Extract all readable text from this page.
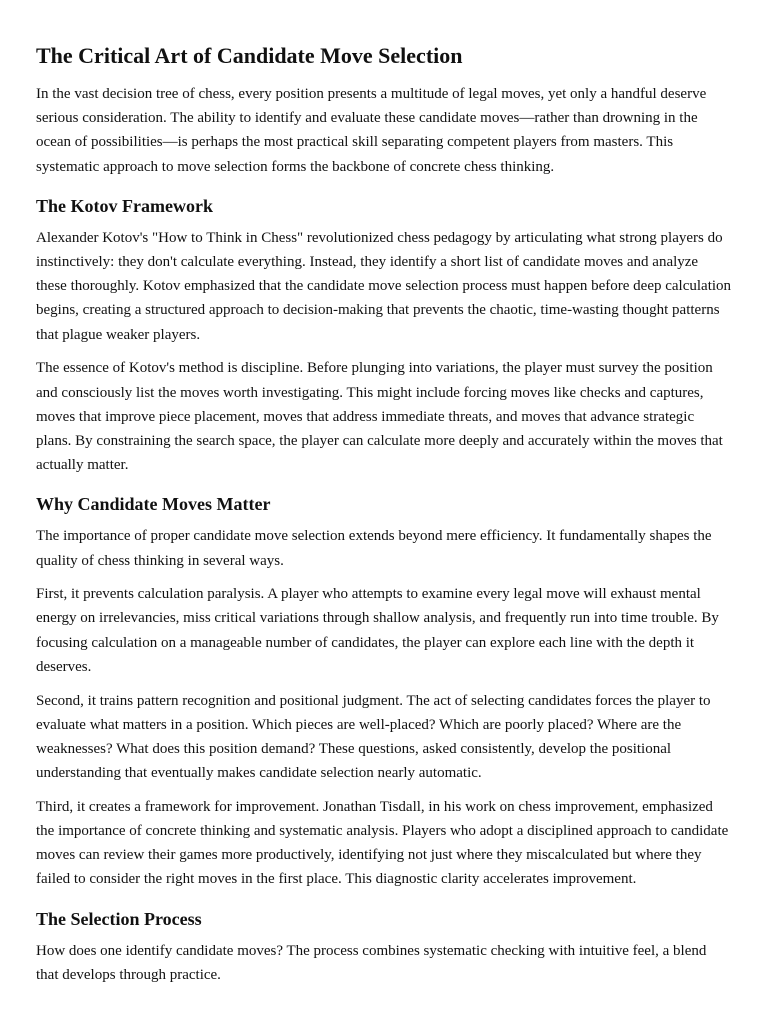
The Critical Art of Candidate Move Selection

In the vast decision tree of chess, every position presents a multitude of legal moves, yet only a handful deserve serious consideration. The ability to identify and evaluate these candidate moves—rather than drowning in the ocean of possibilities—is perhaps the most practical skill separating competent players from masters. This systematic approach to move selection forms the backbone of concrete chess thinking.

The Kotov Framework

Alexander Kotov's "How to Think in Chess" revolutionized chess pedagogy by articulating what strong players do instinctively: they don't calculate everything. Instead, they identify a short list of candidate moves and analyze these thoroughly. Kotov emphasized that the candidate move selection process must happen before deep calculation begins, creating a structured approach to decision-making that prevents the chaotic, time-wasting thought patterns that plague weaker players.

The essence of Kotov's method is discipline. Before plunging into variations, the player must survey the position and consciously list the moves worth investigating. This might include forcing moves like checks and captures, moves that improve piece placement, moves that address immediate threats, and moves that advance strategic plans. By constraining the search space, the player can calculate more deeply and accurately within the moves that actually matter.

Why Candidate Moves Matter

The importance of proper candidate move selection extends beyond mere efficiency. It fundamentally shapes the quality of chess thinking in several ways.

First, it prevents calculation paralysis. A player who attempts to examine every legal move will exhaust mental energy on irrelevancies, miss critical variations through shallow analysis, and frequently run into time trouble. By focusing calculation on a manageable number of candidates, the player can explore each line with the depth it deserves.

Second, it trains pattern recognition and positional judgment. The act of selecting candidates forces the player to evaluate what matters in a position. Which pieces are well-placed? Which are poorly placed? Where are the weaknesses? What does this position demand? These questions, asked consistently, develop the positional understanding that eventually makes candidate selection nearly automatic.

Third, it creates a framework for improvement. Jonathan Tisdall, in his work on chess improvement, emphasized the importance of concrete thinking and systematic analysis. Players who adopt a disciplined approach to candidate moves can review their games more productively, identifying not just where they miscalculated but where they failed to consider the right moves in the first place. This diagnostic clarity accelerates improvement.

The Selection Process

How does one identify candidate moves? The process combines systematic checking with intuitive feel, a blend that develops through practice.
